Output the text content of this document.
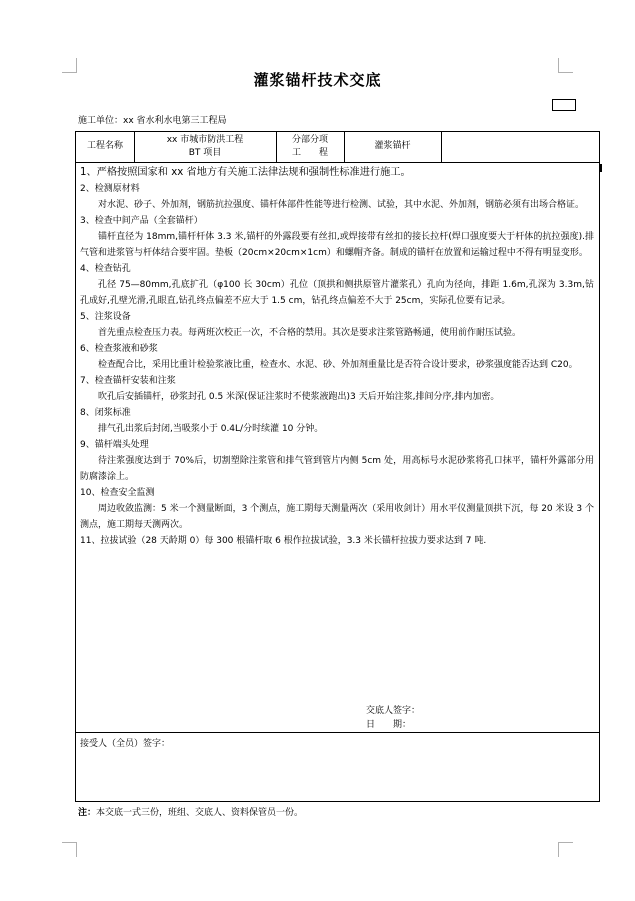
灌浆锚杆技术交底
施工单位：xx 省水利水电第三工程局
工程名称
xx 市城市防洪工程
BT 项目
分部分项
工　　程
灌浆锚杆

1、严格按照国家和 xx 省地方有关施工法律法规和强制性标准进行施工。

2、检测原材料

对水泥、砂子、外加剂，钢筋抗拉强度、锚杆体部件性能等进行检测、试验，其中水泥、外加剂，钢筋必须有出场合格证。

3、检查中间产品（全套锚杆）

锚杆直径为 18mm,锚杆杆体 3.3 米,锚杆的外露段要有丝扣,或焊接带有丝扣的接长拉杆(焊口强度要大于杆体的抗拉强度).排气管和进浆管与杆体结合要牢固。垫板（20cm×20cm×1cm）和螺帽齐备。制成的锚杆在放置和运输过程中不得有明显变形。

4、检查钻孔

孔径 75—80mm,孔底扩孔（φ100 长 30cm）孔位（顶拱和侧拱原管片灌浆孔）孔向为径向，排距 1.6m,孔深为 3.3m,钻孔成好,孔壁光滑,孔眼直,钻孔终点偏差不应大于 1.5 cm，钻孔终点偏差不大于 25cm，实际孔位要有记录。

5、注浆设备

首先重点检查压力表。每两班次校正一次，不合格的禁用。其次是要求注浆管路畅通，使用前作耐压试验。

6、检查浆液和砂浆

检查配合比，采用比重计检验浆液比重，检查水、水泥、砂、外加剂重量比是否符合设计要求，砂浆强度能否达到 C20。

7、检查锚杆安装和注浆

吹孔后安插锚杆，砂浆封孔 0.5 米深(保证注浆时不使浆液跑出)3 天后开始注浆,排间分序,排内加密。

8、闭浆标准

排气孔出浆后封闭,当吸浆小于 0.4L/分时续灌 10 分钟。

9、锚杆端头处理

待注浆强度达到于 70%后，切割塑除注浆管和排气管到管片内侧 5cm 处，用高标号水泥砂浆将孔口抹平，锚杆外露部分用防腐漆涂上。

10、检查安全监测

周边收敛监测：5 米一个测量断面，3 个测点，施工期每天测量两次（采用收剑计）用水平仪测量顶拱下沉，每 20 米设 3 个测点，施工期每天测两次。

11、拉拔试验（28 天龄期 0）每 300 根锚杆取 6 根作拉拔试验，3.3 米长锚杆拉拔力要求达到 7 吨.

交底人签字：
日　　期：
接受人（全员）签字：
注：本交底一式三份，班组、交底人、资料保管员一份。
